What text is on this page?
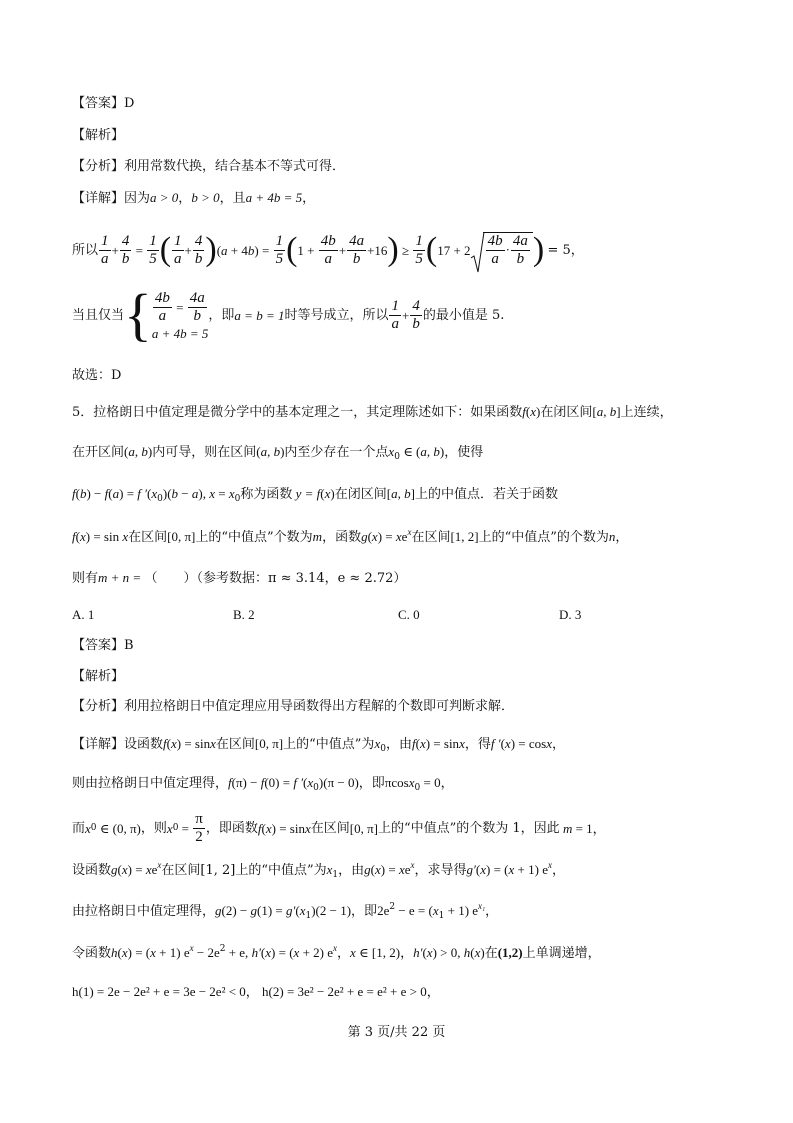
【答案】D
【解析】
【分析】利用常数代换，结合基本不等式可得．
【详解】因为a > 0，b > 0，且a + 4b = 5，
所以 $\frac{1}{a} + \frac{4}{b} = \frac{1}{5}$ ( $\frac{1}{a} + \frac{4}{b}$ ) ( a + 4 b ) = $\frac{1}{5}$ ( $1 + \frac{4b}{a} + \frac{4a}{b} +16$ ) ≥ $\frac{1}{5}$ ( $17 + 2 \frac{4b}{a} \cdot \frac{4a}{b}$ )
= 5，
当且仅当 { $\frac{4b}{a} = \frac{4a}{b}$
a + 4b = 5
，即 a = b = 1 时等号成立，所以 $\frac{1}{a} + \frac{4}{b}$ 的最小值是 5.
故选：D
5．拉格朗日中值定理是微分学中的基本定理之一，其定理陈述如下：如果函数f(x)在闭区间[a, b]上连续，
在开区间(a, b)内可导，则在区间(a, b)内至少存在一个点$x_0$ ∈ (a, b)，使得
f(b) − f(a) = f $'(x_0)(b - a)$, $x = x_0$称为函数 y = f(x)在闭区间[a, b]上的中值点．若关于函数
f(x) = sin x在区间[0, π]上的“中值点”个数为m，函数$g(x) = xe^x$在区间[1, 2]上的“中值点”的个数为n，
则有m + n = （　　）（参考数据：π ≈ 3.14，e ≈ 2.72）
A. 1	B. 2	C. 0	D. 3
【答案】B
【解析】
【分析】利用拉格朗日中值定理应用导函数得出方程解的个数即可判断求解．
【详解】设函数f(x) = sinx在区间[0, π]上的“中值点”为$x_0$，由f(x) = sinx，得f ′(x) = cosx，
则由拉格朗日中值定理得，f(π) − f(0) = f $'(x_0)(\pi - 0)$，即πcosx$_0$ = 0，
而 x 0 ∈ (0, π) ，则 x $0 = \frac{\pi}{2}$ ，即函数 f ( x ) = sin x 在区间 [0, π] 上的“中值点”的个数为 1，因此 m = 1，
设函数$g(x) = xe^x$在区间[1, 2]上的“中值点”为$x_1$，由$g(x) = xe^x$，求导得g′(x) = (x + 1) $e^x$，
由拉格朗日中值定理得，$g(2) - g(1) = g'(x_1)(2 - 1)$，即$2e^2 - e = (x_1 + 1)$ $e^{x_1}$，
令函数h(x) = (x + 1) $e^x - 2e^2 + e$, h′(x) = (x + 2) $e^x$，x ∈ [1, 2)，h′(x) > 0, h(x)在(1,2)上单调递增，
h(1) = 2e − 2e² + e = 3e − 2e² < 0， h(2) = 3e² − 2e² + e = e² + e > 0，
第 3 页/共 22 页
